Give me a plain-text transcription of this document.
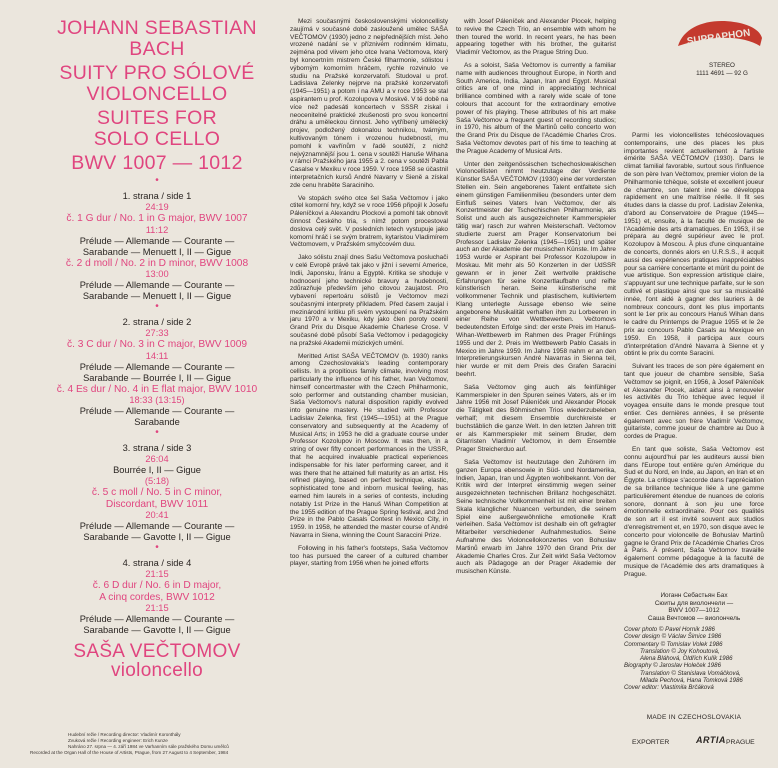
JOHANN SEBASTIAN
BACH
SUITY PRO SÓLOVÉ
VIOLONCELLO
SUITES FOR
SOLO CELLO
BWV 1007 — 1012
•
1. strana / side 1
24:19
č. 1 G dur / No. 1 in G major, BWV 1007
11:12
Prélude — Allemande — Courante —
Sarabande — Menuett I, II — Gigue
č. 2 d moll / No. 2 in D minor, BWV 1008
13:00
Prélude — Allemande — Courante —
Sarabande — Menuett I, II — Gigue
•
2. strana / side 2
27:33
č. 3 C dur / No. 3 in C major, BWV 1009
14:11
Prélude — Allemande — Courante —
Sarabande — Bourrée I, II — Gigue
č. 4 Es dur / No. 4 in E flat major, BWV 1010
18:33 (13:15)
Prélude — Allemande — Courante —
Sarabande
•
3. strana / side 3
26:04
Bourrée I, II — Gigue
(5:18)
č. 5 c moll / No. 5 in C minor,
Discordant, BWV 1011
20:41
Prélude — Allemande — Courante —
Sarabande — Gavotte I, II — Gigue
•
4. strana / side 4
21:15
č. 6 D dur / No. 6 in D major,
A cinq cordes, BWV 1012
21:15
Prélude — Allemande — Courante —
Sarabande — Gavotte I, II — Gigue
SAŠA VEČTOMOV
violoncello
Hudební režie / Recording director: Vladimír Koronthály
Zvuková režie / Recording engineer: Erich Kunze
Nahráno 27. srpna — 4. září 1984 ve Varhanním sále pražského Domu umělců
Recorded at the Organ Hall of the House of Artists, Prague, from 27 August to 4 September, 1984

Mezi současnými československými violoncellisty zaujímá v současné době zaslouženě umělec SAŠA VEČTOMOV (1930) jedno z nejpřednějších míst. Jeho vrozené nadání se v příznivém rodinném klimatu, zejména pod vlivem jeho otce Ivana Večtomova, který byl koncertním mistrem České filharmonie, sólistou i výborným komorním hráčem, rychle rozvinulo ve studiu na Pražské konzervatoři. Studoval u prof. Ladislava Zelenky nejprve na pražské konzervatoři (1945—1951) a potom i na AMU a v roce 1953 se stal aspirantem u prof. Kozolupova v Moskvě. V té době na více než padesáti koncertech v SSSR získal i neocenitelné praktické zkušenosti pro svou koncertní dráhu a uměleckou činnost. Jeho vytříbený umělecký projev, podložený dokonalou technikou, tvárným, kultivovaným tónem i vrozenou hudebností, mu pomohl k vavřínům v řadě soutěží, z nichž nejvýznamnější jsou 1. cena v soutěži Hanuše Wihana v rámci Pražského jara 1955 a 2. cena v soutěži Pabla Casalse v Mexiku v roce 1959. V roce 1958 se účastnil interpretačních kursů André Navarry v Sieně a získal zde cenu hraběte Saraciniho.

Ve stopách svého otce šel Saša Večtomov i jako ctitel komorní hry, když se v roce 1956 připojil k Josefu Páleníčkovi a Alexandru Plockovi a pomohl tak obnovit činnost Českého tria, s nímž potom procestoval doslova celý svět. V posledních letech vystupuje jako komorní hráč i se svým bratrem, kytaristou Vladimírem Večtomovem, v Pražském smyčcovém duu.

Jako sólistu znají dnes Sašu Večtomova posluchači v celé Evropě právě tak jako v jižní i severní Americe, Indii, Japonsku, Íránu a Egyptě. Kritika se shoduje v hodnocení jeho technické bravury a hudebnosti, zdůrazňuje především jeho citovou zaujatost. Pro vybavení repertoáru sólistů je Večtomov mezi současnými interprety příkladem. Před časem zaujal i mezinárodní kritiku při svém vystoupení na Pražském jaru 1970 a v Mexiku, kdy jako člen poroty ocenil Grand Prix du Disque Akademie Charlese Crose. V současné době působí Saša Večtomov i pedagogicky na pražské Akademii múzických umění.

Meritted Artist SAŠA VEČTOMOV (b. 1930) ranks among Czechoslovakia's leading contemporary cellists. In a propitious family climate, involving most particularly the influence of his father, Ivan Večtomov, himself concertmaster with the Czech Philharmonic, solo performer and outstanding chamber musician, Saša Večtomov's natural disposition rapidly evolved into genuine mastery. He studied with Professor Ladislav Zelenka, first (1945—1951) at the Prague conservatory and subsequently at the Academy of Musical Arts; in 1953 he did a graduate course under Professor Kozolupov in Moscow. It was then, in a string of over fifty concert performances in the USSR, that he acquired invaluable practical experiences indispensable for his later performing career, and it was there that he attained full maturity as an artist. His refined playing, based on perfect technique, elastic, sophisticated tone and inborn musical feeling, has earned him laurels in a series of contests, including notably 1st Prize in the Hanuš Wihan Competition at the 1955 edition of the Prague Spring festival, and 2nd Prize in the Pablo Casals Contest in Mexico City, in 1959. In 1958, he attended the master course of André Navarra in Siena, winning the Count Saraccini Prize.

Following in his father's footsteps, Saša Večtomov too has pursued the career of a cultured chamber player, starting from 1956 when he joined efforts

with Josef Páleníček and Alexander Plocek, helping to revive the Czech Trio, an ensemble with whom he then toured the world. In recent years, he has been appearing together with his brother, the guitarist Vladimír Večtomov, as the Prague String Duo.

As a soloist, Saša Večtomov is currently a familiar name with audiences throughout Europe, in North and South America, India, Japan, Iran and Egypt. Musical critics are of one mind in appreciating technical brilliance combined with a rarely wide scale of tone colours that account for the extraordinary emotive power of his playing. These attributes of his art make Saša Večtomov a frequent guest of recording studios; in 1970, his album of the Martinů cello concerto won the Grand Prix du Disque de l'Académie Charles Cros. Saša Večtomov devotes part of his time to teaching at the Prague Academy of Musical Arts.

Unter den zeitgenössischen tschechoslowakischen Violoncellisten nimmt heutzutage der Verdiente Künstler SAŠA VEČTOMOV (1930) eine der vordersten Stellen ein. Sein angeborenes Talent entfaltete sich einem günstigen Familienmilieu (besonders unter dem Einfluß seines Vaters Ivan Večtomov, der als Konzertmeister der Tschechischen Philharmonie, als Solist und auch als ausgezeichneter Kammerspieler tätig war) rasch zur wahren Meisterschaft. Večtomov studierte zuerst am Prager Konservatorium bei Professor Ladislav Zelenka (1945—1951) und später auch an der Akademie der musischen Künste. Im Jahre 1953 wurde er Aspirant bei Professor Kozolupow in Moskau. Mit mehr als 50 Konzerten in der UdSSR gewann er in jener Zeit wertvolle praktische Erfahrungen für seine Konzertlaufbahn und reifte künstlerisch heran. Seine künstlerische mit vollkommener Technik und plastischem, kultiviertem Klang unterlegte Aussage ebenso wie seine angeborene Musikalität verhalfen ihm zu Lorbeeren in einer Reihe von Wettbewerben. Večtomovs bedeutendsten Erfolge sind: der erste Preis im Hanuš-Wihan-Wettbewerb im Rahmen des Prager Frühlings 1955 und der 2. Preis im Wettbewerb Pablo Casals in Mexico im Jahre 1959. Im Jahre 1958 nahm er an den Interpretierungskursen André Navarras in Sienna teil, hier wurde er mit dem Preis des Grafen Saracini beehrt.

Saša Večtomov ging auch als feinfühliger Kammerspieler in den Spuren seines Vaters, als er im Jahre 1956 mit Josef Páleníček und Alexander Plocek die Tätigkeit des Böhmischen Trios wiederzubeleben verhalf; mit diesem Ensemble durchkreiste er buchstäblich die ganze Welt. In den letzten Jahren tritt er als Kammerspieler mit seinem Bruder, dem Gitarristen Vladimír Večtomov, in dem Ensemble Prager Streicherduo auf.

Saša Večtomov ist heutzutage den Zuhörern im ganzen Europa ebensowie in Süd- und Nordamerika, Indien, Japan, Iran und Ägypten wohlbekannt. Von der Kritik wird der Interpret einstimmig wegen seiner ausgezeichneten technischen Brillanz hochgeschätzt. Seine technische Vollkommenheit ist mit einer breiten Skala klanglicher Nuancen verbunden, die seinem Spiel eine außergewöhnliche emotionelle Kraft verleihen. Saša Večtomov ist deshalb ein oft gefragter Mitarbeiter verschiedener Aufnahmestudios. Seine Aufnahme des Violoncellokonzertes von Bohuslav Martinů erwarb im Jahre 1970 den Grand Prix der Akademie Charles Cros. Zur Zeit wirkt Saša Večtomov auch als Pädagoge an der Prager Akademie der musischen Künste.

SUPRAPHON
STEREO
1111 4691 — 92 G

Parmi les violoncellistes tchécoslovaques contemporains, une des places les plus importantes revient actuellement à l'artiste émérite SAŠA VEČTOMOV (1930). Dans le climat familial favorable, surtout sous l'influence de son père Ivan Večtomov, premier violon de la Philharmonie tchèque, soliste et excellent joueur de chambre, son talent inné se développa rapidement en une maîtrise réelle. Il fit ses études dans la classe du prof. Ladislav Zelenka, d'abord au Conservatoire de Prague (1945—1951) et, ensuite, à la faculté de musique de l'Académie des arts dramatiques. En 1953, il se prépara au degré supérieur avec le prof. Kozolupov à Moscou. À plus d'une cinquantaine de concerts, donnés alors en U.R.S.S., il acquit aussi des expériences pratiques inappréciables pour sa carrière concertante et mûrit du point de vue artistique. Son expression artistique claire, s'appuyant sur une technique parfaite, sur le son cultivé et plastique ainsi que sur sa musicalité innée, l'ont aidé à gagner des lauriers à de nombreux concours, dont les plus importants sont le 1er prix au concours Hanuš Wihan dans le cadre du Printemps de Prague 1955 et le 2e prix au concours Pablo Casals au Mexique en 1959. En 1958, il participa aux cours d'interprétation d'André Navarra à Sienne et y obtint le prix du comte Saracini.

Suivant les traces de son père également en tant que joueur de chambre sensible, Saša Večtomov se joignit, en 1956, à Josef Páleníček et Alexander Plocek, aidant ainsi à renouveler les activités du Trio tchèque avec lequel il voyagea ensuite dans le monde presque tout entier. Ces dernières années, il se présente également avec son frère Vladimír Večtomov, guitariste, comme joueur de chambre au Duo à cordes de Prague.

En tant que soliste, Saša Večtomov est connu aujourd'hui par les auditeurs aussi bien dans l'Europe tout entière qu'en Amérique du Sud et du Nord, en Inde, au Japon, en Iran et en Égypte. La critique s'accorde dans l'appréciation de sa brillance technique liée à une gamme particulièrement étendue de nuances de coloris sonore, donnant à son jeu une force émotionnelle extraordinaire. Pour ces qualités de son art il est invité souvent aux studios d'enregistrement et, en 1970, son disque avec le concerto pour violoncelle de Bohuslav Martinů gagne le Grand Prix de l'Académie Charles Cros à Paris. À présent, Saša Večtomov travaille également comme pédagogue à la faculté de musique de l'Académie des arts dramatiques à Prague.

Иоганн Себастьян Бах
Сюиты для виолончели —
BWV 1007—1012
Саша Вечтомов — виолончель
Cover photo © Pavel Hornik 1986
Cover design © Václav Šimice 1986
Commentary © Tomislav Volek 1986
Translation © Joy Kohoutová,
Alena Bláhová, Oldřich Kulík 1986
Biography © Jaroslav Holeček 1986
Translation © Stanislava Vomáčková,
Milada Pechová, Hana Tomková 1986
Cover editor: Vlastimila Brčáková
MADE IN CZECHOSLOVAKIA
EXPORTER	ARTIA PRAGUE
